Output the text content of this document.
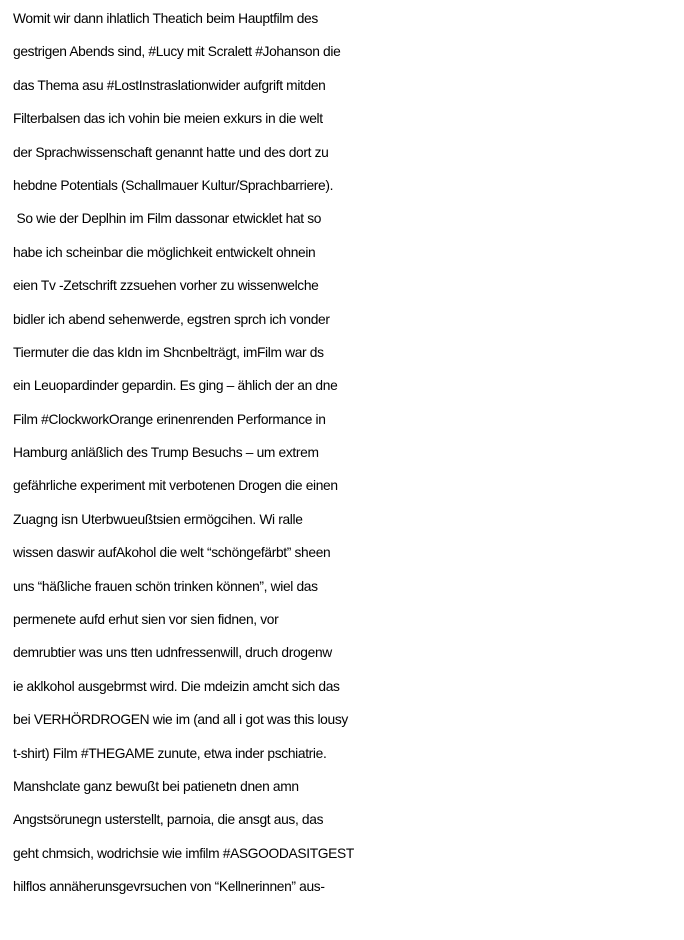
Womit wir dann ihlatlich Theatich beim Hauptfilm des
gestrigen Abends sind, #Lucy mit Scralett #Johanson die
das Thema asu #LostInstraslationwider aufgrift mitden
Filterbalsen das ich vohin bie meien exkurs in die welt
der Sprachwissenschaft genannt hatte und des dort zu
hebdne Potentials (Schallmauer Kultur/Sprachbarriere).
So wie der Deplhin im Film dassonar etwicklet hat so
habe ich scheinbar die möglichkeit entwickelt ohnein
eien Tv -Zetschrift zzsuehen vorher zu wissenwelche
bidler ich abend sehenwerde, egstren sprch ich vonder
Tiermuter die das kIdn im Shcnbelträgt, imFilm war ds
ein Leuopardinder gepardin. Es ging – ählich der an dne
Film #ClockworkOrange erinenrenden Performance in
Hamburg anläßlich des Trump Besuchs – um extrem
gefährliche experiment mit verbotenen Drogen die einen
Zuagng isn Uterbwueußtsien ermögcihen. Wi ralle
wissen daswir aufAkohol die welt “schöngefärbt” sheen
uns “häßliche frauen schön trinken können”, wiel das
permenete aufd erhut sien vor sien fidnen, vor
demrubtier was uns tten udnfressenwill, druch drogenw
ie aklkohol ausgebrmst wird. Die mdeizin amcht sich das
bei VERHÖRDROGEN wie im (and all i got was this lousy
t-shirt) Film #THEGAME zunute, etwa inder pschiatrie.
Manshclate ganz bewußt bei patienetn dnen amn
Angstsörunegn usterstellt, parnoia, die ansgt aus, das
geht chmsich, wodrichsie wie imfilm #ASGOODASITGEST
hilflos annäherunsgevrsuchen von “Kellnerinnen” aus-
